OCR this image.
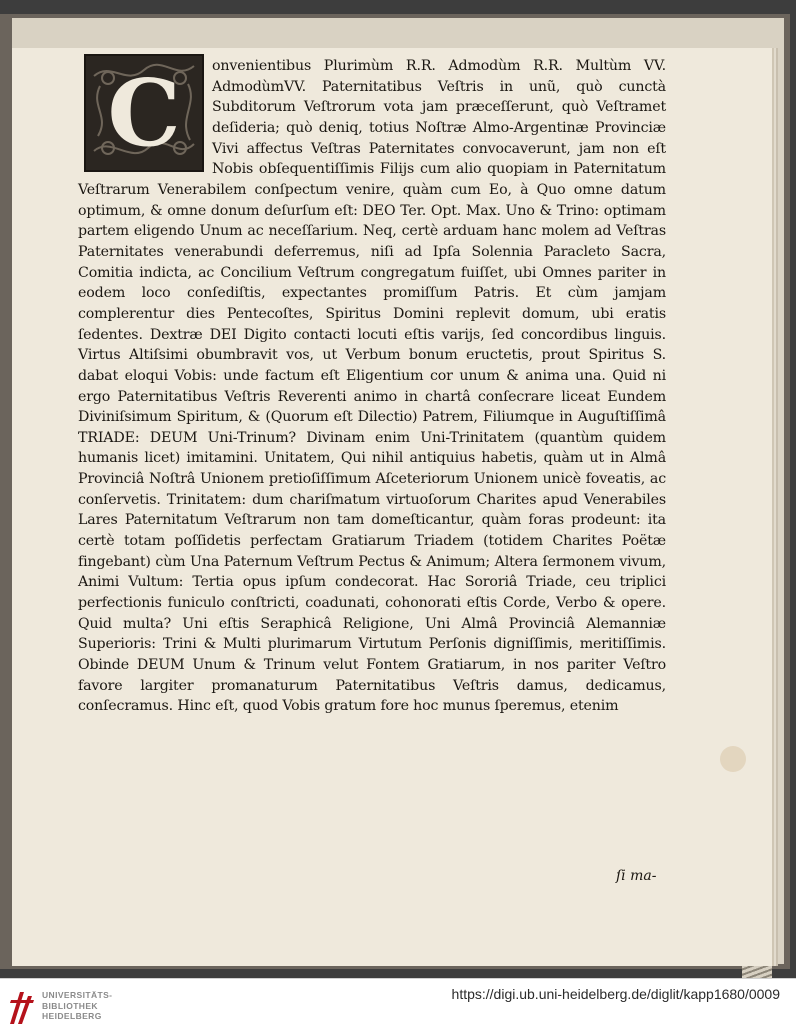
C	onvenientibus Plurimùm R.R. Admodùm R.R. Multùm VV. AdmodùmVV. Paternitatibus Veſtris in unũ, quò cunctà Subditorum Veſtrorum vota jam præceſſerunt, quò Veſtramet deſideria; quò deniq, totius Noſtræ Almo-Argentinæ Provinciæ Vivi affectus Veſtras Paternitates convocaverunt, jam non eſt Nobis obſequentiſſimis Filijs cum alio quopiam in Paternitatum Veſtrarum Venerabilem conſpectum venire, quàm cum Eo, à Quo omne datum optimum, & omne donum deſurſum eſt: DEO Ter. Opt. Max. Uno & Trino: optimam partem eligendo Unum ac neceſſarium. Neq, certè arduam hanc molem ad Veſtras Paternitates venerabundi deferremus, niſi ad Ipſa Solennia Paracleto Sacra, Comitia indicta, ac Concilium Veſtrum congregatum fuiſſet, ubi Omnes pariter in eodem loco conſediſtis, expectantes promiſſum Patris. Et cùm jamjam complerentur dies Pentecoſtes, Spiritus Domini replevit domum, ubi eratis ſedentes. Dextræ DEI Digito contacti locuti eſtis varijs, ſed concordibus linguis. Virtus Altiſsimi obumbravit vos, ut Verbum bonum eructetis, prout Spiritus S. dabat eloqui Vobis: unde factum eſt Eligentium cor unum & anima una. Quid ni ergo Paternitatibus Veſtris Reverenti animo in chartâ conſecrare liceat Eundem Diviniſsimum Spiritum, & (Quorum eſt Dilectio) Patrem, Filiumque in Auguſtiſſimâ TRIADE: DEUM Uni-Trinum? Divinam enim Uni-Trinitatem (quantùm quidem humanis licet) imitamini. Unitatem, Qui nihil antiquius habetis, quàm ut in Almâ Provinciâ Noſtrâ Unionem pretioſiſſimum Aſceteriorum Unionem unicè foveatis, ac conſervetis. Trinitatem: dum chariſmatum virtuoſorum Charites apud Venerabiles Lares Paternitatum Veſtrarum non tam domeſticantur, quàm foras prodeunt: ita certè totam poſſidetis perfectam Gratiarum Triadem (totidem Charites Poëtæ fingebant) cùm Una Paternum Veſtrum Pectus & Animum; Altera ſermonem vivum, Animi Vultum: Tertia opus ipſum condecorat. Hac Sororiâ Triade, ceu triplici perfectionis funiculo conſtricti, coadunati, cohonorati eſtis Corde, Verbo & opere. Quid multa? Uni eſtis Seraphicâ Religione, Uni Almâ Provinciâ Alemanniæ Superioris: Trini & Multi plurimarum Virtutum Perſonis digniſſimis, meritiſſimis. Obinde DEUM Unum & Trinum velut Fontem Gratiarum, in nos pariter Veſtro favore largiter promanaturum Paternitatibus Veſtris damus, dedicamus, conſecramus. Hinc eſt, quod Vobis gratum fore hoc munus ſperemus, etenim
ſi ma-
UNIVERSITÄTS-
BIBLIOTHEK
HEIDELBERG
https://digi.ub.uni-heidelberg.de/diglit/kapp1680/0009
